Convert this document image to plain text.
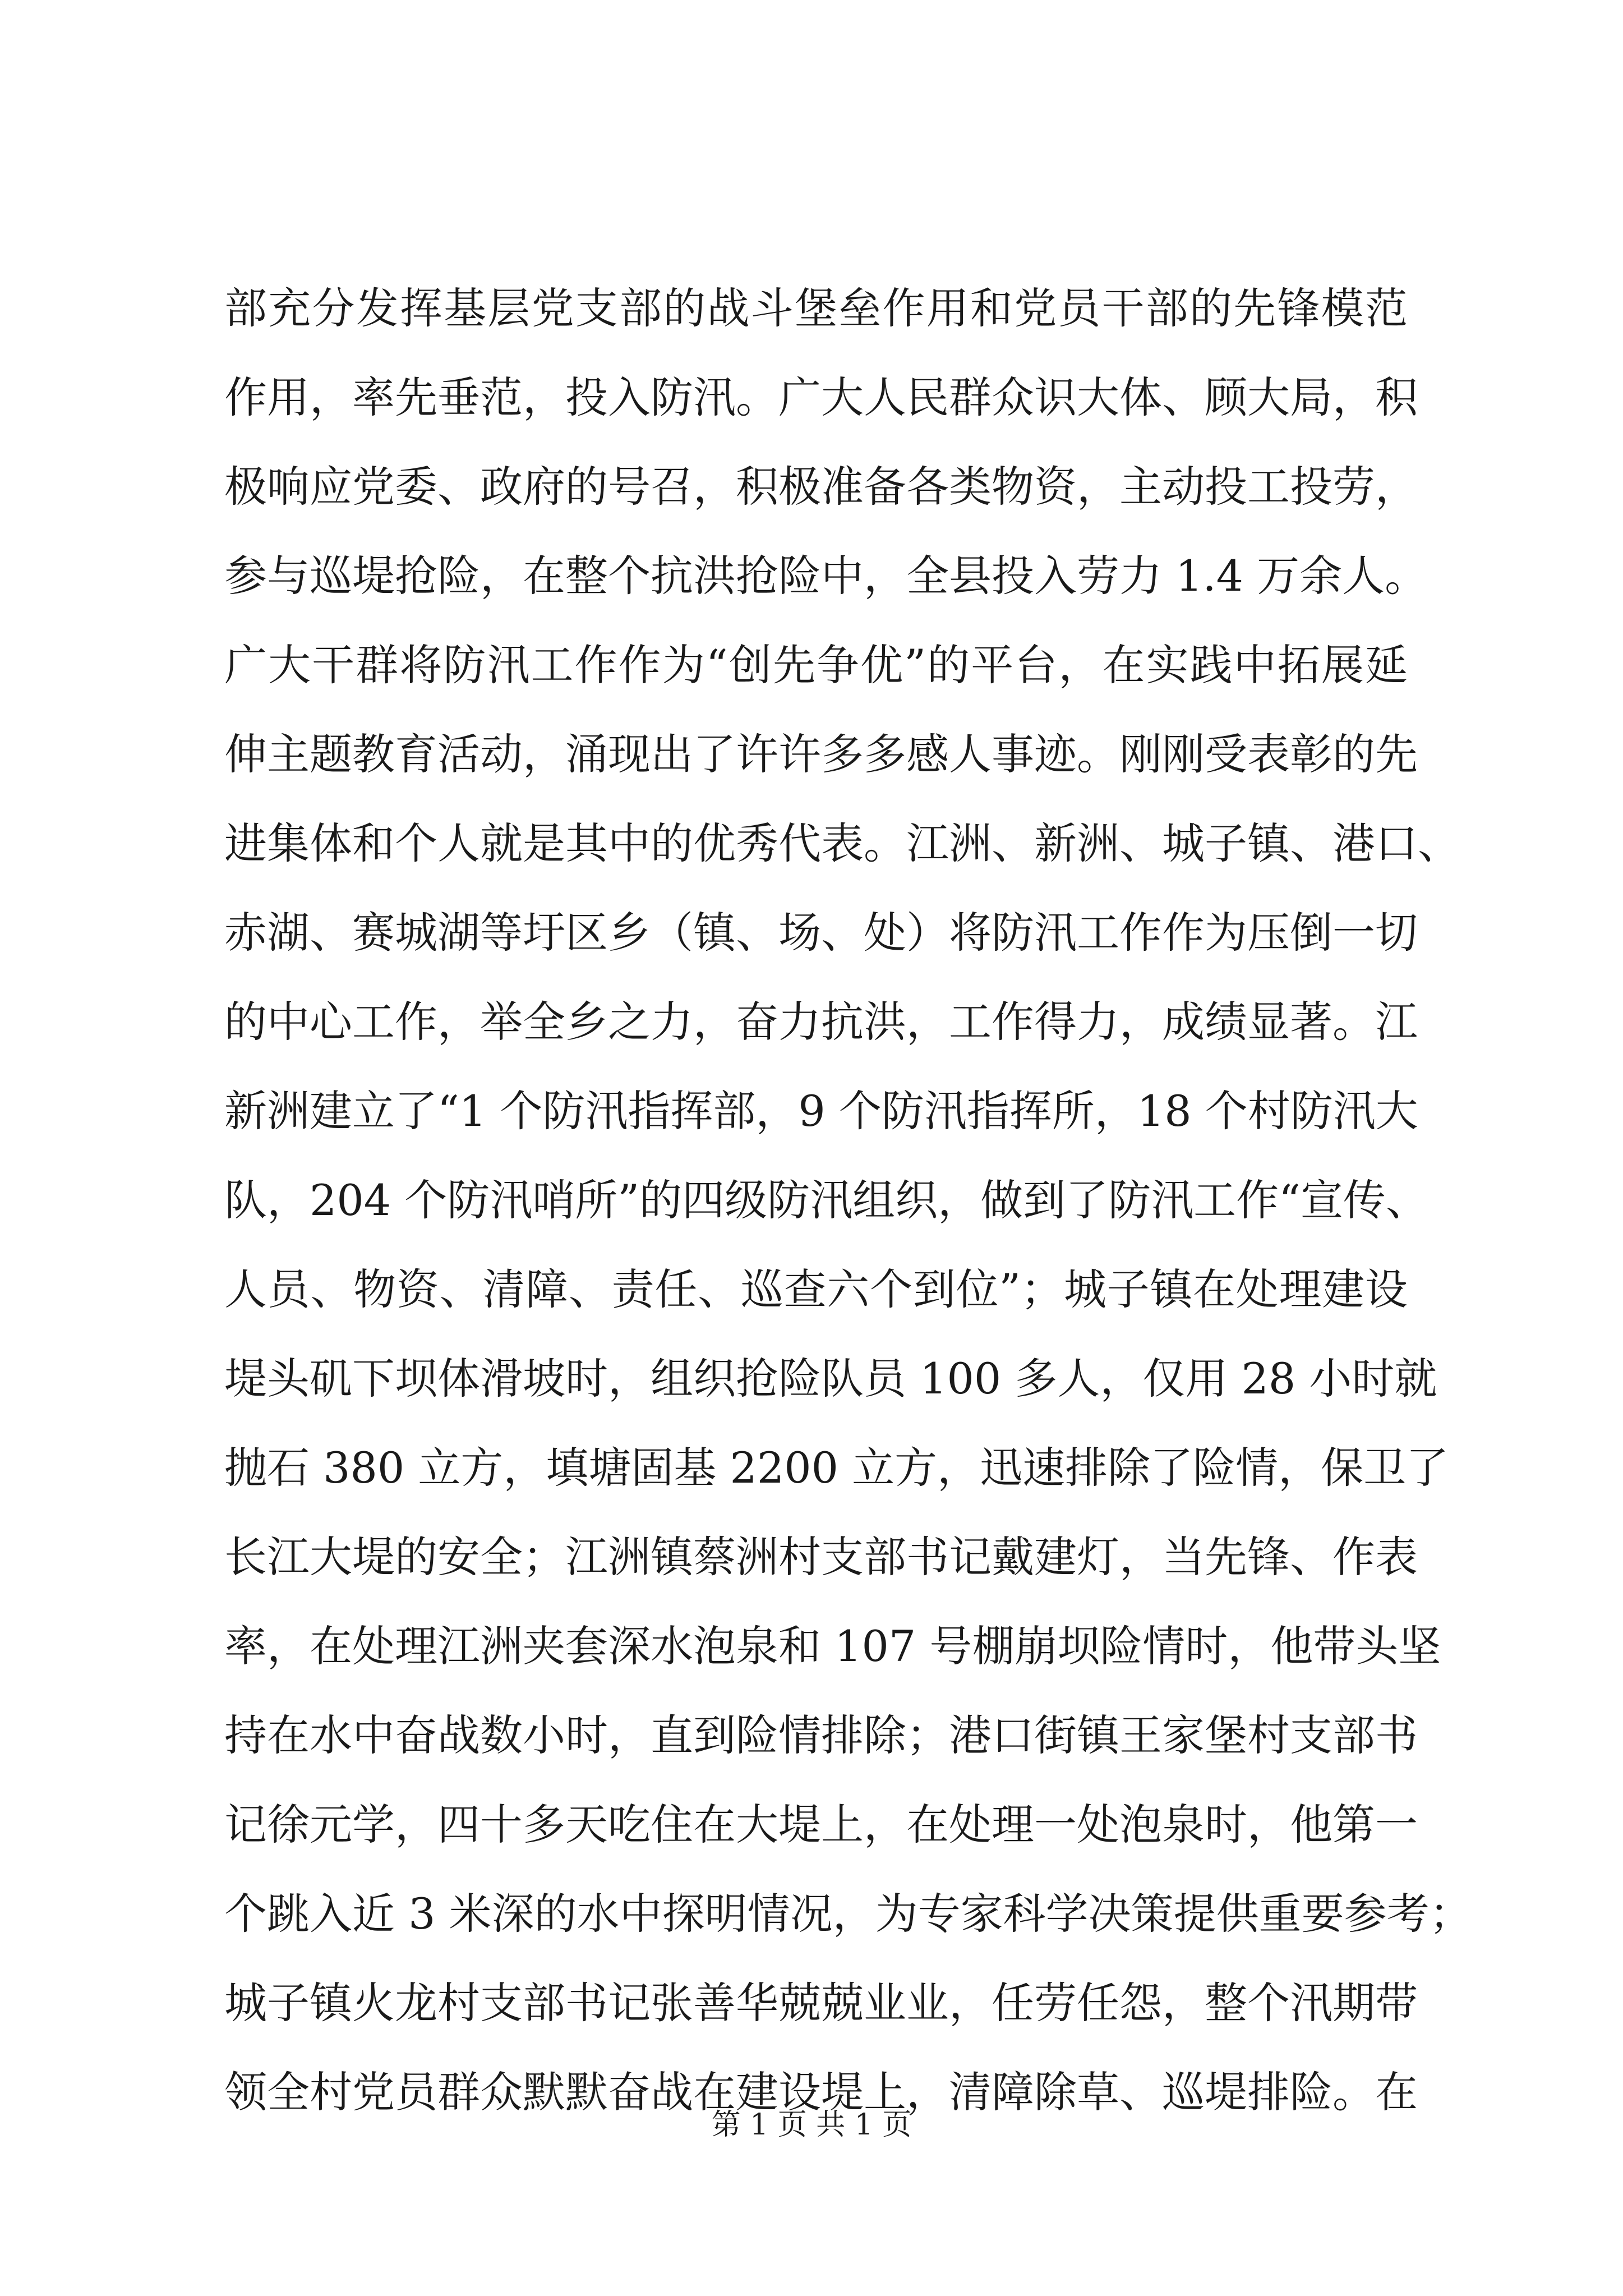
部充分发挥基层党支部的战斗堡垒作用和党员干部的先锋模范
作用，率先垂范，投入防汛。广大人民群众识大体、顾大局，积
极响应党委、政府的号召，积极准备各类物资，主动投工投劳，
参与巡堤抢险，在整个抗洪抢险中，全县投入劳力 1.4 万余人。
广大干群将防汛工作作为“创先争优”的平台，在实践中拓展延
伸主题教育活动，涌现出了许许多多感人事迹。刚刚受表彰的先
进集体和个人就是其中的优秀代表。江洲、新洲、城子镇、港口、
赤湖、赛城湖等圩区乡（镇、场、处）将防汛工作作为压倒一切
的中心工作，举全乡之力，奋力抗洪，工作得力，成绩显著。江
新洲建立了“1 个防汛指挥部，9 个防汛指挥所，18 个村防汛大
队，204 个防汛哨所”的四级防汛组织，做到了防汛工作“宣传、
人员、物资、清障、责任、巡查六个到位”；城子镇在处理建设
堤头矶下坝体滑坡时，组织抢险队员 100 多人，仅用 28 小时就
抛石 380 立方，填塘固基 2200 立方，迅速排除了险情，保卫了
长江大堤的安全；江洲镇蔡洲村支部书记戴建灯，当先锋、作表
率，在处理江洲夹套深水泡泉和 107 号棚崩坝险情时，他带头坚
持在水中奋战数小时，直到险情排除；港口街镇王家堡村支部书
记徐元学，四十多天吃住在大堤上，在处理一处泡泉时，他第一
个跳入近 3 米深的水中探明情况，为专家科学决策提供重要参考；
城子镇火龙村支部书记张善华兢兢业业，任劳任怨，整个汛期带
领全村党员群众默默奋战在建设堤上，清障除草、巡堤排险。在
第 1 页 共 1 页
